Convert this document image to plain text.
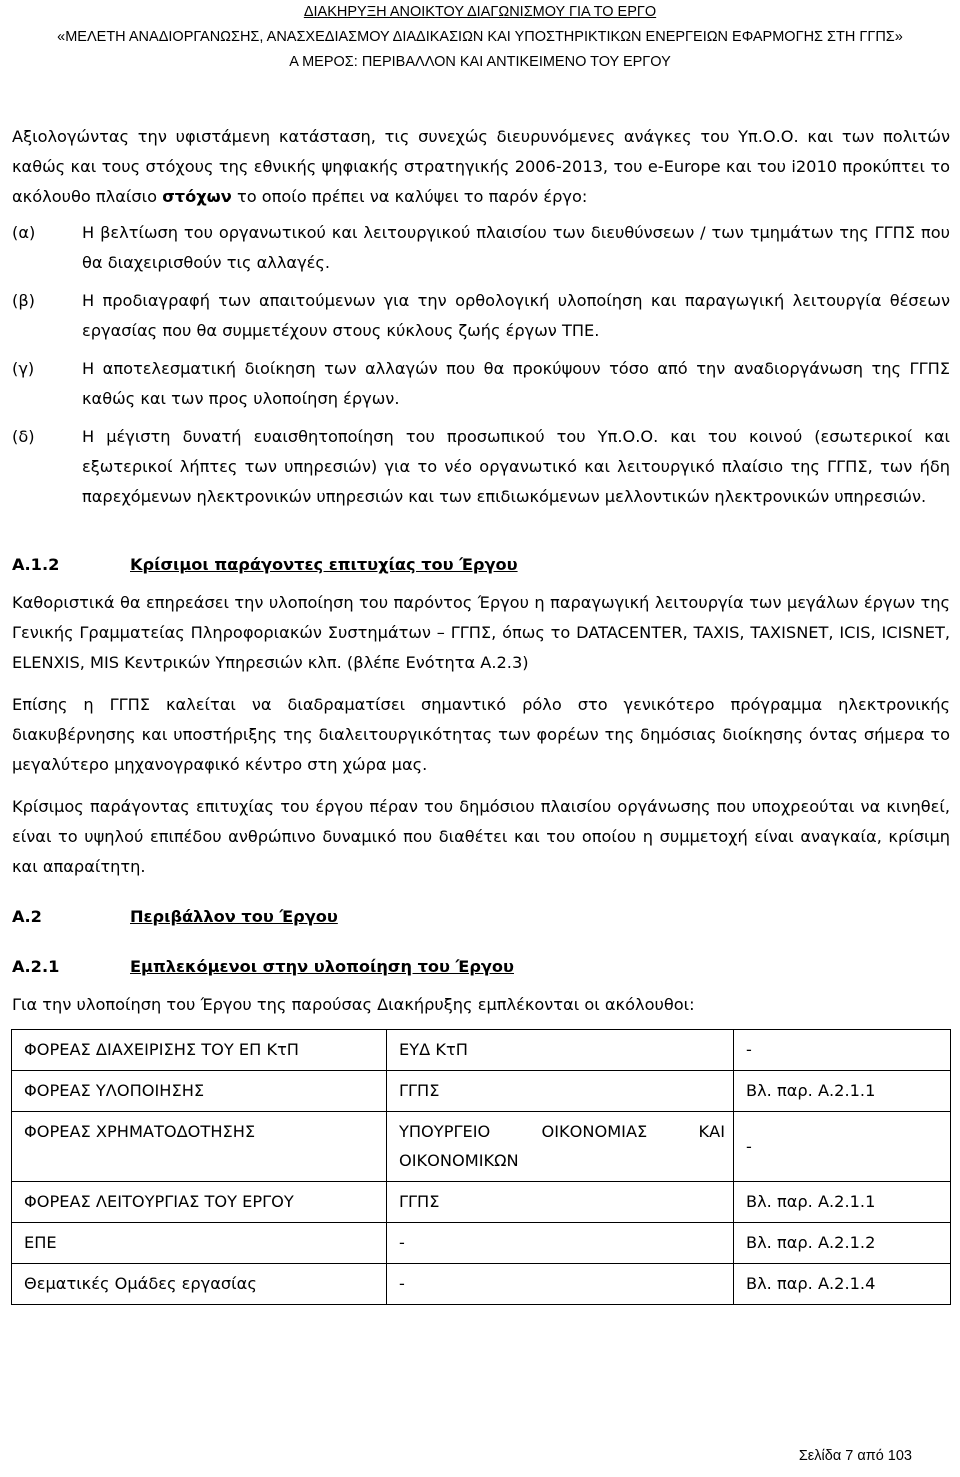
ΔΙΑΚΗΡΥΞΗ ΑΝΟΙΚΤΟΥ ΔΙΑΓΩΝΙΣΜΟΥ ΓΙΑ ΤΟ ΕΡΓΟ
«ΜΕΛΕΤΗ ΑΝΑΔΙΟΡΓΑΝΩΣΗΣ, ΑΝΑΣΧΕΔΙΑΣΜΟΥ ΔΙΑΔΙΚΑΣΙΩΝ ΚΑΙ ΥΠΟΣΤΗΡΙΚΤΙΚΩΝ ΕΝΕΡΓΕΙΩΝ ΕΦΑΡΜΟΓΗΣ ΣΤΗ ΓΓΠΣ»
Α ΜΕΡΟΣ: ΠΕΡΙΒΑΛΛΟΝ ΚΑΙ ΑΝΤΙΚΕΙΜΕΝΟ ΤΟΥ ΕΡΓΟΥ

Αξιολογώντας την υφιστάμενη κατάσταση, τις συνεχώς διευρυνόμενες ανάγκες του Υπ.Ο.Ο. και των πολιτών καθώς και τους στόχους της εθνικής ψηφιακής στρατηγικής 2006-2013, του e-Europe και του i2010 προκύπτει το ακόλουθο πλαίσιο στόχων το οποίο πρέπει να καλύψει το παρόν έργο:

(α)	Η βελτίωση του οργανωτικού και λειτουργικού πλαισίου των διευθύνσεων / των τμημάτων της ΓΓΠΣ που θα διαχειρισθούν τις αλλαγές.
(β)	Η προδιαγραφή των απαιτούμενων για την ορθολογική υλοποίηση και παραγωγική λειτουργία θέσεων εργασίας που θα συμμετέχουν στους κύκλους ζωής έργων ΤΠΕ.
(γ)	Η αποτελεσματική διοίκηση των αλλαγών που θα προκύψουν τόσο από την αναδιοργάνωση της ΓΓΠΣ καθώς και των προς υλοποίηση έργων.
(δ)	Η μέγιστη δυνατή ευαισθητοποίηση του προσωπικού του Υπ.Ο.Ο. και του κοινού (εσωτερικοί και εξωτερικοί λήπτες των υπηρεσιών) για το νέο οργανωτικό και λειτουργικό πλαίσιο της ΓΓΠΣ, των ήδη παρεχόμενων ηλεκτρονικών υπηρεσιών και των επιδιωκόμενων μελλοντικών ηλεκτρονικών υπηρεσιών.
Α.1.2	Κρίσιμοι παράγοντες επιτυχίας του Έργου

Καθοριστικά θα επηρεάσει την υλοποίηση του παρόντος Έργου η παραγωγική λειτουργία των μεγάλων έργων της Γενικής Γραμματείας Πληροφοριακών Συστημάτων – ΓΓΠΣ, όπως το DATACENTER, TAXIS, TAXISNET, ICIS, ICISNET, ELENXIS, MIS Κεντρικών Υπηρεσιών κλπ. (βλέπε Ενότητα Α.2.3)

Επίσης η ΓΓΠΣ καλείται να διαδραματίσει σημαντικό ρόλο στο γενικότερο πρόγραμμα ηλεκτρονικής διακυβέρνησης και υποστήριξης της διαλειτουργικότητας των φορέων της δημόσιας διοίκησης όντας σήμερα το μεγαλύτερο μηχανογραφικό κέντρο στη χώρα μας.

Κρίσιμος παράγοντας επιτυχίας του έργου πέραν του δημόσιου πλαισίου οργάνωσης που υποχρεούται να κινηθεί, είναι το υψηλού επιπέδου ανθρώπινο δυναμικό που διαθέτει και του οποίου η συμμετοχή είναι αναγκαία, κρίσιμη και απαραίτητη.

Α.2	Περιβάλλον του Έργου
Α.2.1	Εμπλεκόμενοι στην υλοποίηση του Έργου

Για την υλοποίηση του Έργου της παρούσας Διακήρυξης εμπλέκονται οι ακόλουθοι:

ΦΟΡΕΑΣ ΔΙΑΧΕΙΡΙΣΗΣ ΤΟΥ ΕΠ ΚτΠ	ΕΥΔ ΚτΠ	-
ΦΟΡΕΑΣ ΥΛΟΠΟΙΗΣΗΣ	ΓΓΠΣ	Βλ. παρ. Α.2.1.1
ΦΟΡΕΑΣ ΧΡΗΜΑΤΟΔΟΤΗΣΗΣ	ΥΠΟΥΡΓΕΙΟ ΟΙΚΟΝΟΜΙΑΣ ΚΑΙ ΟΙΚΟΝΟΜΙΚΩΝ	-
ΦΟΡΕΑΣ ΛΕΙΤΟΥΡΓΙΑΣ ΤΟΥ ΕΡΓΟΥ	ΓΓΠΣ	Βλ. παρ. Α.2.1.1
ΕΠΕ	-	Βλ. παρ. Α.2.1.2
Θεματικές Ομάδες εργασίας	-	Βλ. παρ. Α.2.1.4
Σελίδα 7 από 103
